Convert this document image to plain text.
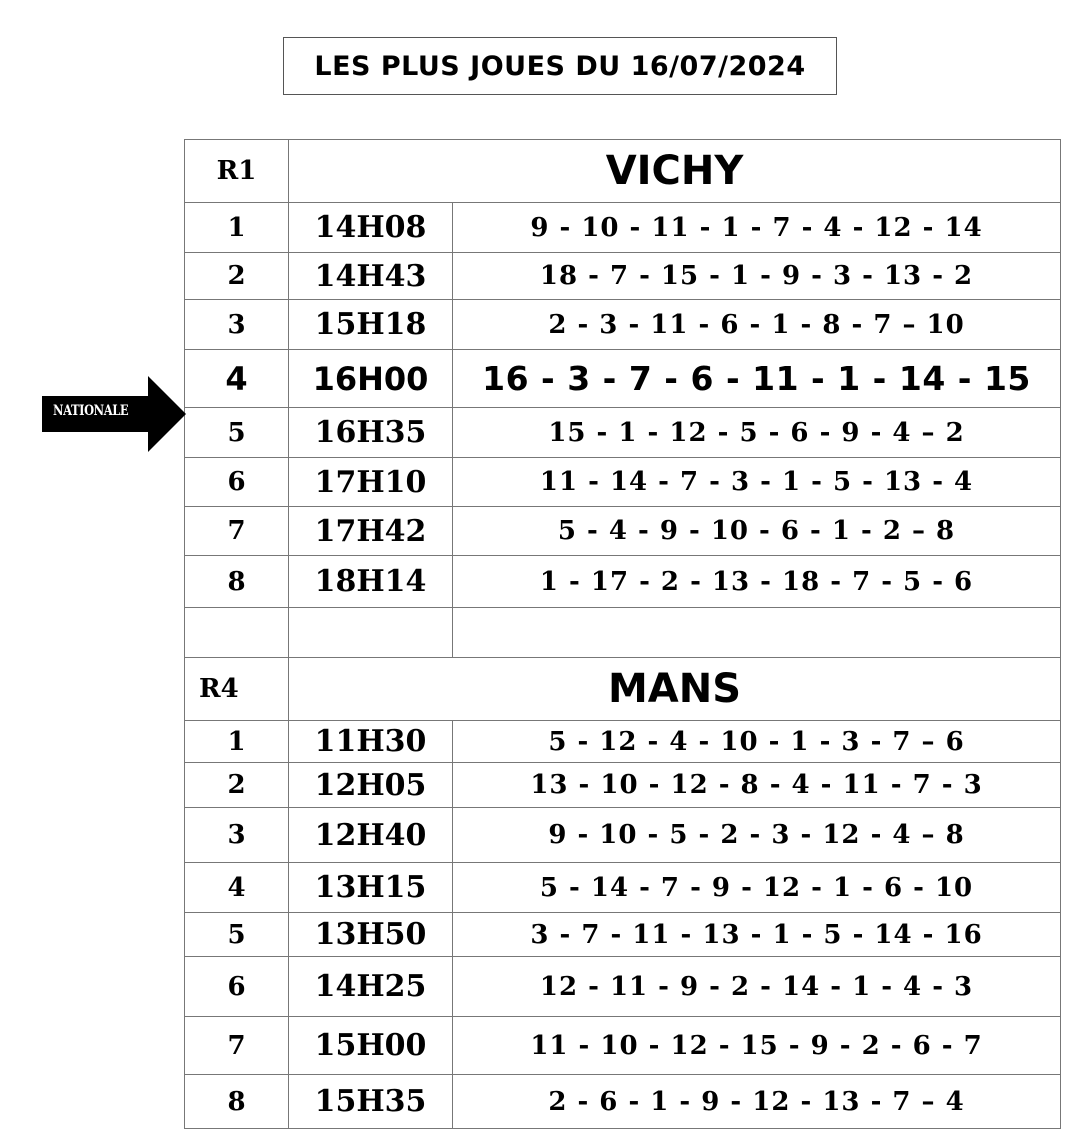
LES PLUS JOUES DU 16/07/2024
R1	VICHY	
1	14H08	9 - 10 - 11 - 1 - 7 - 4 - 12 - 14
2	14H43	18 - 7 - 15 - 1 - 9 - 3 - 13 - 2
3	15H18	2 - 3 - 11 - 6 - 1 - 8 - 7 – 10
4	16H00	16 - 3 - 7 - 6 - 11 - 1 - 14 - 15
5	16H35	15 - 1 - 12 - 5 - 6 - 9 - 4 – 2
6	17H10	11 - 14 - 7 - 3 - 1 - 5 - 13 - 4
7	17H42	5 - 4 - 9 - 10 - 6 - 1 - 2 – 8
8	18H14	1 - 17 - 2 - 13 - 18 - 7 - 5 - 6

R4	MANS	
1	11H30	5 - 12 - 4 - 10 - 1 - 3 - 7 – 6
2	12H05	13 - 10 - 12 - 8 - 4 - 11 - 7 - 3
3	12H40	9 - 10 - 5 - 2 - 3 - 12 - 4 – 8
4	13H15	5 - 14 - 7 - 9 - 12 - 1 - 6 - 10
5	13H50	3 - 7 - 11 - 13 - 1 - 5 - 14 - 16
6	14H25	12 - 11 - 9 - 2 - 14 - 1 - 4 - 3
7	15H00	11 - 10 - 12 - 15 - 9 - 2 - 6 - 7
8	15H35	2 - 6 - 1 - 9 - 12 - 13 - 7 – 4
NATIONALE
